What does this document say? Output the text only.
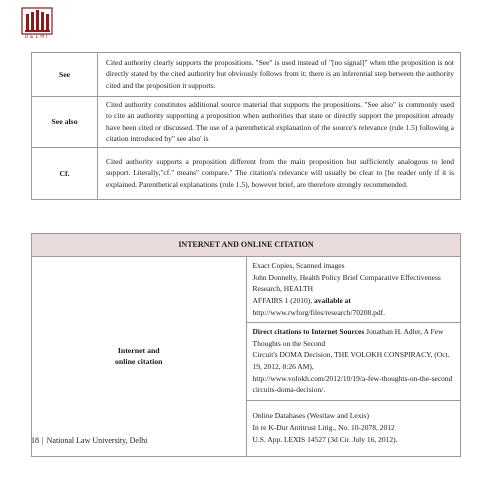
DELHI
See	Cited authority clearly supports the propositions. "See" is used instead of "[no signal]" when tthe proposition is not directly stated by the cited authority but obviously follows from it; there is an inferential step between the authority cited and the proposition it supports.
See also	Cited authority constitutes additional source material that supports the propositions. "See also" is commonly used to cite an authority supporting a proposition when authorities that state or directly support the proposition already have been cited or discussed. The use of a parenthetical explanation of the source's relevance (rule 1.5) following a citation introduced by" see also' is
Cf.	Cited authority supports a proposition different from the main proposition but sufficiently analogous to lend support. Literally,"cf." means" compare." The citation's relevance will usually be clear to [he reader only if it is explained. Parenthetical explanations (rule 1.5), however brief, are therefore strongly recommended.
INTERNET AND ONLINE CITATION

Internet and
online citation

Exact Copies, Scanned images
John Donnelly, Health Policy Brief Comparative Effectiveness Research, HEALTH
AFFAIRS 1 (2010), available at
http://www.rwforg/files/research/70208.pdf.

Direct citations to Internet Sources Jonathan H. Adler, A Few Thoughts on the Second
Circuit's DOMA Decision, THE VOLOKH CONSPIRACY, (Oct. 19, 2012, 8:26 AM),
http://www.volokh.com/2012/10/19/a-few-thoughts-on-the-second
circuits-doma-decision/.

Online Databases (Westlaw and Lexis)
In re K-Dur Antitrust Litig., No. 10-2078, 2012
U.S. App. LEXIS 14527 (3d Cir. July 16, 2012).
18 | National Law University, Delhi
